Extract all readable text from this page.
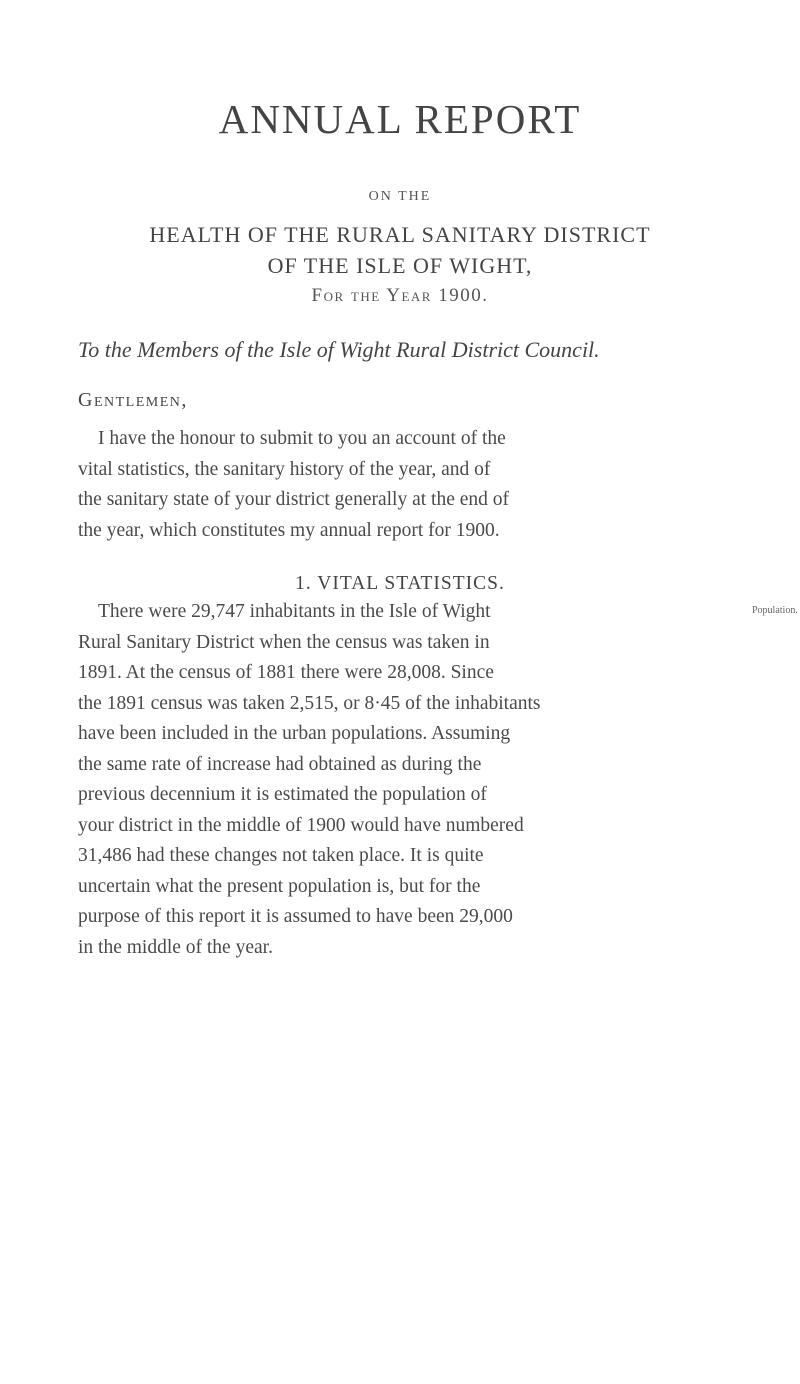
ANNUAL REPORT
ON THE
HEALTH OF THE RURAL SANITARY DISTRICT
OF THE ISLE OF WIGHT,
For the Year 1900.
To the Members of the Isle of Wight Rural District Council.
Gentlemen,
I have the honour to submit to you an account of the
vital statistics, the sanitary history of the year, and of
the sanitary state of your district generally at the end of
the year, which constitutes my annual report for 1900.
1. VITAL STATISTICS.
There were 29,747 inhabitants in the Isle of Wight
Rural Sanitary District when the census was taken in
1891. At the census of 1881 there were 28,008. Since
the 1891 census was taken 2,515, or 8·45 of the inhabitants
have been included in the urban populations. Assuming
the same rate of increase had obtained as during the
previous decennium it is estimated the population of
your district in the middle of 1900 would have numbered
31,486 had these changes not taken place. It is quite
uncertain what the present population is, but for the
purpose of this report it is assumed to have been 29,000
in the middle of the year.
Population.
